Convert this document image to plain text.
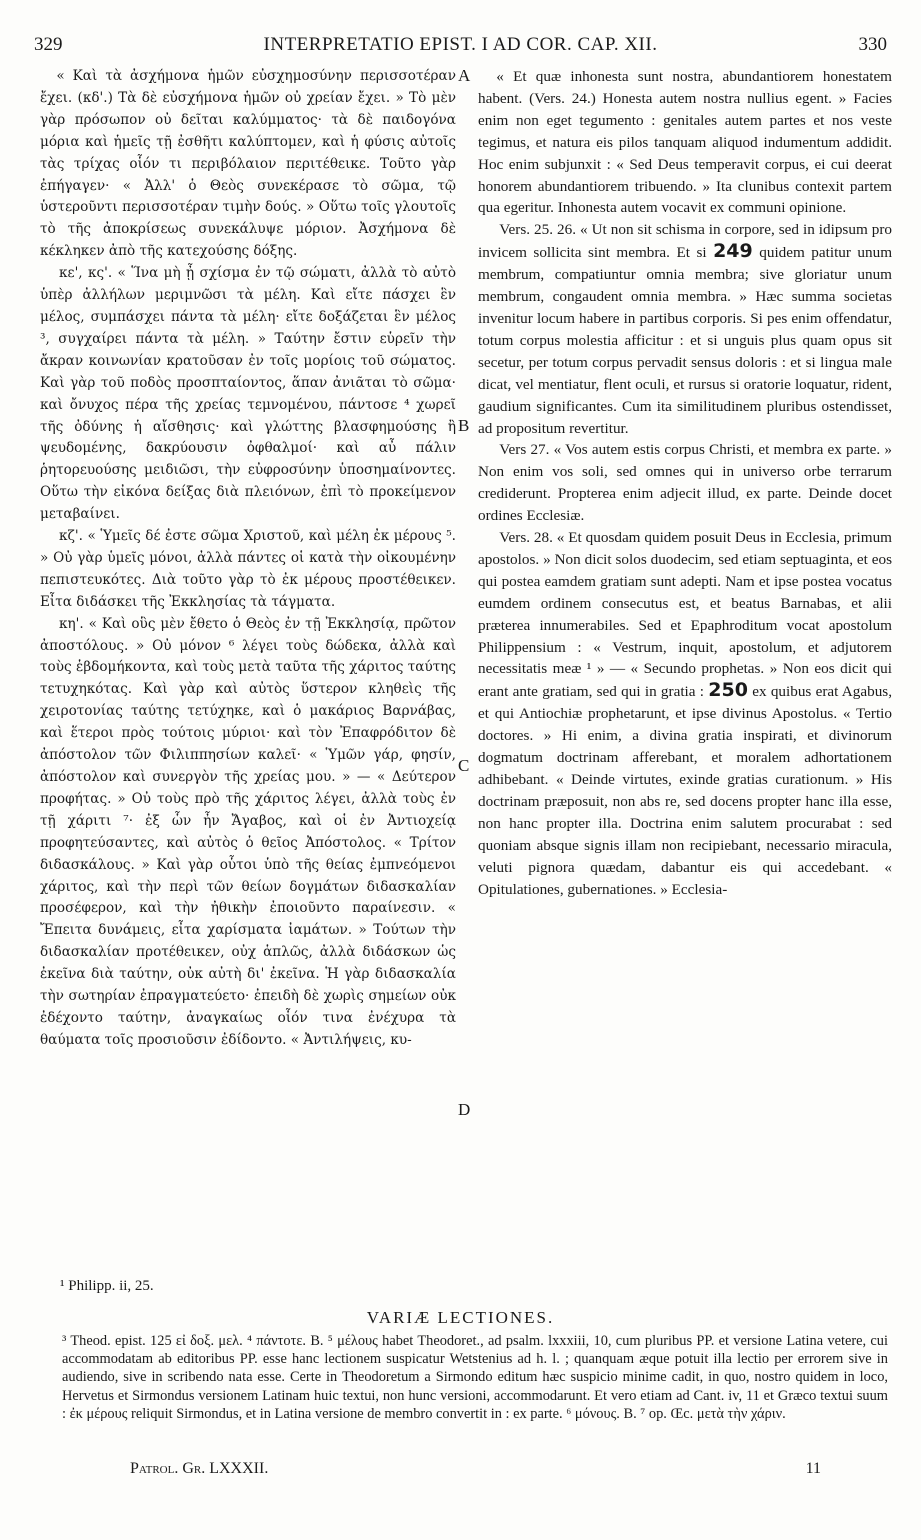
329	INTERPRETATIO EPIST. I AD COR. CAP. XII.	330

« Καὶ τὰ ἀσχήμονα ἡμῶν εὐσχημοσύνην περισσοτέραν ἔχει. (κδ'.) Τὰ δὲ εὐσχήμονα ἡμῶν οὐ χρείαν ἔχει. » Τὸ μὲν γὰρ πρόσωπον οὐ δεῖται καλύμματος· τὰ δὲ παιδογόνα μόρια καὶ ἡμεῖς τῇ ἐσθῆτι καλύπτομεν, καὶ ἡ φύσις αὐτοῖς τὰς τρίχας οἷόν τι περιβόλαιον περιτέθεικε. Τοῦτο γὰρ ἐπήγαγεν· « Ἀλλ' ὁ Θεὸς συνεκέρασε τὸ σῶμα, τῷ ὑστεροῦντι περισσοτέραν τιμὴν δούς. » Οὕτω τοῖς γλουτοῖς τὸ τῆς ἀποκρίσεως συνεκάλυψε μόριον. Ἀσχήμονα δὲ κέκληκεν ἀπὸ τῆς κατεχούσης δόξης.

κε', κς'. « Ἵνα μὴ ᾖ σχίσμα ἐν τῷ σώματι, ἀλλὰ τὸ αὐτὸ ὑπὲρ ἀλλήλων μεριμνῶσι τὰ μέλη. Καὶ εἴτε πάσχει ἓν μέλος, συμπάσχει πάντα τὰ μέλη· εἴτε δοξάζεται ἓν μέλος ³, συγχαίρει πάντα τὰ μέλη. » Ταύτην ἔστιν εὑρεῖν τὴν ἄκραν κοινωνίαν κρατοῦσαν ἐν τοῖς μορίοις τοῦ σώματος. Καὶ γὰρ τοῦ ποδὸς προσπταίοντος, ἅπαν ἀνιᾶται τὸ σῶμα· καὶ ὄνυχος πέρα τῆς χρείας τεμνομένου, πάντοσε ⁴ χωρεῖ τῆς ὀδύνης ἡ αἴσθησις· καὶ γλώττης βλασφημούσης ἢ ψευδομένης, δακρύουσιν ὀφθαλμοί· καὶ αὖ πάλιν ῥητορευούσης μειδιῶσι, τὴν εὐφροσύνην ὑποσημαίνοντες. Οὕτω τὴν εἰκόνα δείξας διὰ πλειόνων, ἐπὶ τὸ προκείμενον μεταβαίνει.

κζ'. « Ὑμεῖς δέ ἐστε σῶμα Χριστοῦ, καὶ μέλη ἐκ μέρους ⁵. » Οὐ γὰρ ὑμεῖς μόνοι, ἀλλὰ πάντες οἱ κατὰ τὴν οἰκουμένην πεπιστευκότες. Διὰ τοῦτο γὰρ τὸ ἐκ μέρους προστέθεικεν. Εἶτα διδάσκει τῆς Ἐκκλησίας τὰ τάγματα.

κη'. « Καὶ οὓς μὲν ἔθετο ὁ Θεὸς ἐν τῇ Ἐκκλησίᾳ, πρῶτον ἀποστόλους. » Οὐ μόνον ⁶ λέγει τοὺς δώδεκα, ἀλλὰ καὶ τοὺς ἑβδομήκοντα, καὶ τοὺς μετὰ ταῦτα τῆς χάριτος ταύτης τετυχηκότας. Καὶ γὰρ καὶ αὐτὸς ὕστερον κληθεὶς τῆς χειροτονίας ταύτης τετύχηκε, καὶ ὁ μακάριος Βαρνάβας, καὶ ἕτεροι πρὸς τούτοις μύριοι· καὶ τὸν Ἐπαφρόδιτον δὲ ἀπόστολον τῶν Φιλιππησίων καλεῖ· « Ὑμῶν γάρ, φησίν, ἀπόστολον καὶ συνεργὸν τῆς χρείας μου. » — « Δεύτερον προφήτας. » Οὐ τοὺς πρὸ τῆς χάριτος λέγει, ἀλλὰ τοὺς ἐν τῇ χάριτι ⁷· ἐξ ὧν ἦν Ἄγαβος, καὶ οἱ ἐν Ἀντιοχείᾳ προφητεύσαντες, καὶ αὐτὸς ὁ θεῖος Ἀπόστολος. « Τρίτον διδασκάλους. » Καὶ γὰρ οὗτοι ὑπὸ τῆς θείας ἐμπνεόμενοι χάριτος, καὶ τὴν περὶ τῶν θείων δογμάτων διδασκαλίαν προσέφερον, καὶ τὴν ἠθικὴν ἐποιοῦντο παραίνεσιν. « Ἔπειτα δυνάμεις, εἶτα χαρίσματα ἰαμάτων. » Τούτων τὴν διδασκαλίαν προτέθεικεν, οὐχ ἁπλῶς, ἀλλὰ διδάσκων ὡς ἐκεῖνα διὰ ταύτην, οὐκ αὐτὴ δι' ἐκεῖνα. Ἡ γὰρ διδασκαλία τὴν σωτηρίαν ἐπραγματεύετο· ἐπειδὴ δὲ χωρὶς σημείων οὐκ ἐδέχοντο ταύτην, ἀναγκαίως οἷόν τινα ἐνέχυρα τὰ θαύματα τοῖς προσιοῦσιν ἐδίδοντο. « Ἀντιλήψεις, κυ-

A
B
C
D

« Et quæ inhonesta sunt nostra, abundantiorem honestatem habent. (Vers. 24.) Honesta autem nostra nullius egent. » Facies enim non eget tegumento : genitales autem partes et nos veste tegimus, et natura eis pilos tanquam aliquod indumentum addidit. Hoc enim subjunxit : « Sed Deus temperavit corpus, ei cui deerat honorem abundantiorem tribuendo. » Ita clunibus contexit partem qua egeritur. Inhonesta autem vocavit ex communi opinione.

Vers. 25. 26. « Ut non sit schisma in corpore, sed in idipsum pro invicem sollicita sint membra. Et si 249 quidem patitur unum membrum, compatiuntur omnia membra; sive gloriatur unum membrum, congaudent omnia membra. » Hæc summa societas invenitur locum habere in partibus corporis. Si pes enim offendatur, totum corpus molestia afficitur : et si unguis plus quam opus sit secetur, per totum corpus pervadit sensus doloris : et si lingua male dicat, vel mentiatur, flent oculi, et rursus si oratorie loquatur, rident, gaudium significantes. Cum ita similitudinem pluribus ostendisset, ad propositum revertitur.

Vers 27. « Vos autem estis corpus Christi, et membra ex parte. » Non enim vos soli, sed omnes qui in universo orbe terrarum crediderunt. Propterea enim adjecit illud, ex parte. Deinde docet ordines Ecclesiæ.

Vers. 28. « Et quosdam quidem posuit Deus in Ecclesia, primum apostolos. » Non dicit solos duodecim, sed etiam septuaginta, et eos qui postea eamdem gratiam sunt adepti. Nam et ipse postea vocatus eumdem ordinem consecutus est, et beatus Barnabas, et alii præterea innumerabiles. Sed et Epaphroditum vocat apostolum Philippensium : « Vestrum, inquit, apostolum, et adjutorem necessitatis meæ ¹ » — « Secundo prophetas. » Non eos dicit qui erant ante gratiam, sed qui in gratia : 250 ex quibus erat Agabus, et qui Antiochiæ prophetarunt, et ipse divinus Apostolus. « Tertio doctores. » Hi enim, a divina gratia inspirati, et divinorum dogmatum doctrinam afferebant, et moralem adhortationem adhibebant. « Deinde virtutes, exinde gratias curationum. » His doctrinam præposuit, non abs re, sed docens propter hanc illa esse, non hanc propter illa. Doctrina enim salutem procurabat : sed quoniam absque signis illam non recipiebant, necessario miracula, veluti pignora quædam, dabantur eis qui accedebant. « Opitulationes, gubernationes. » Ecclesia-

¹ Philipp. ii, 25.
VARIÆ LECTIONES.
³ Theod. epist. 125 εἰ δοξ. μελ. ⁴ πάντοτε. B. ⁵ μέλους habet Theodoret., ad psalm. lxxxiii, 10, cum pluribus PP. et versione Latina vetere, cui accommodatam ab editoribus PP. esse hanc lectionem suspicatur Wetstenius ad h. l. ; quanquam æque potuit illa lectio per errorem sive in audiendo, sive in scribendo nata esse. Certe in Theodoretum a Sirmondo editum hæc suspicio minime cadit, in quo, nostro quidem in loco, Hervetus et Sirmondus versionem Latinam huic textui, non hunc versioni, accommodarunt. Et vero etiam ad Cant. iv, 11 et Græco textui suum : ἐκ μέρους reliquit Sirmondus, et in Latina versione de membro convertit in : ex parte. ⁶ μόνους. B. ⁷ op. Œc. μετὰ τὴν χάριν.
Patrol. Gr. LXXXII.	11
